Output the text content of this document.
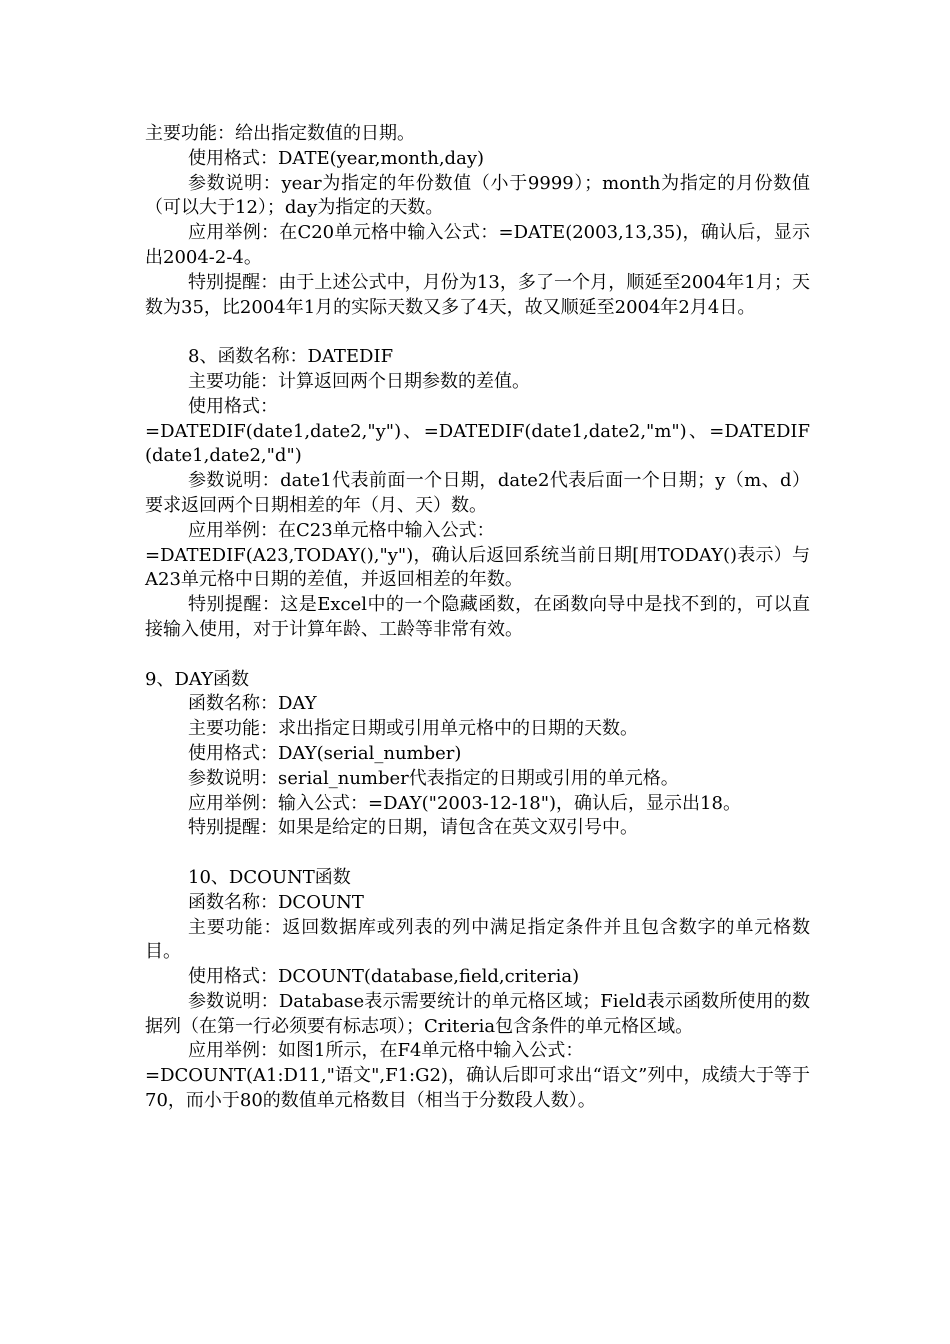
主要功能：给出指定数值的日期。

使用格式：DATE(year,month,day)

参数说明：year为指定的年份数值（小于9999）；month为指定的月份数值（可以大于12）；day为指定的天数。

应用举例：在C20单元格中输入公式：=DATE(2003,13,35)，确认后，显示出2004-2-4。

特别提醒：由于上述公式中，月份为13，多了一个月，顺延至2004年1月；天数为35，比2004年1月的实际天数又多了4天，故又顺延至2004年2月4日。

8、函数名称：DATEDIF

主要功能：计算返回两个日期参数的差值。

使用格式：

=DATEDIF(date1,date2,"y")、=DATEDIF(date1,date2,"m")、=DATEDIF(date1,date2,"d")

参数说明：date1代表前面一个日期，date2代表后面一个日期；y（m、d）要求返回两个日期相差的年（月、天）数。

应用举例：在C23单元格中输入公式：

=DATEDIF(A23,TODAY(),"y")，确认后返回系统当前日期[用TODAY()表示）与A23单元格中日期的差值，并返回相差的年数。

特别提醒：这是Excel中的一个隐藏函数，在函数向导中是找不到的，可以直接输入使用，对于计算年龄、工龄等非常有效。

9、DAY函数

函数名称：DAY

主要功能：求出指定日期或引用单元格中的日期的天数。

使用格式：DAY(serial_number)

参数说明：serial_number代表指定的日期或引用的单元格。

应用举例：输入公式：=DAY("2003-12-18")，确认后，显示出18。

特别提醒：如果是给定的日期，请包含在英文双引号中。

10、DCOUNT函数

函数名称：DCOUNT

主要功能：返回数据库或列表的列中满足指定条件并且包含数字的单元格数目。

使用格式：DCOUNT(database,field,criteria)

参数说明：Database表示需要统计的单元格区域；Field表示函数所使用的数据列（在第一行必须要有标志项）；Criteria包含条件的单元格区域。

应用举例：如图1所示，在F4单元格中输入公式：

=DCOUNT(A1:D11,"语文",F1:G2)，确认后即可求出“语文”列中，成绩大于等于70，而小于80的数值单元格数目（相当于分数段人数）。
